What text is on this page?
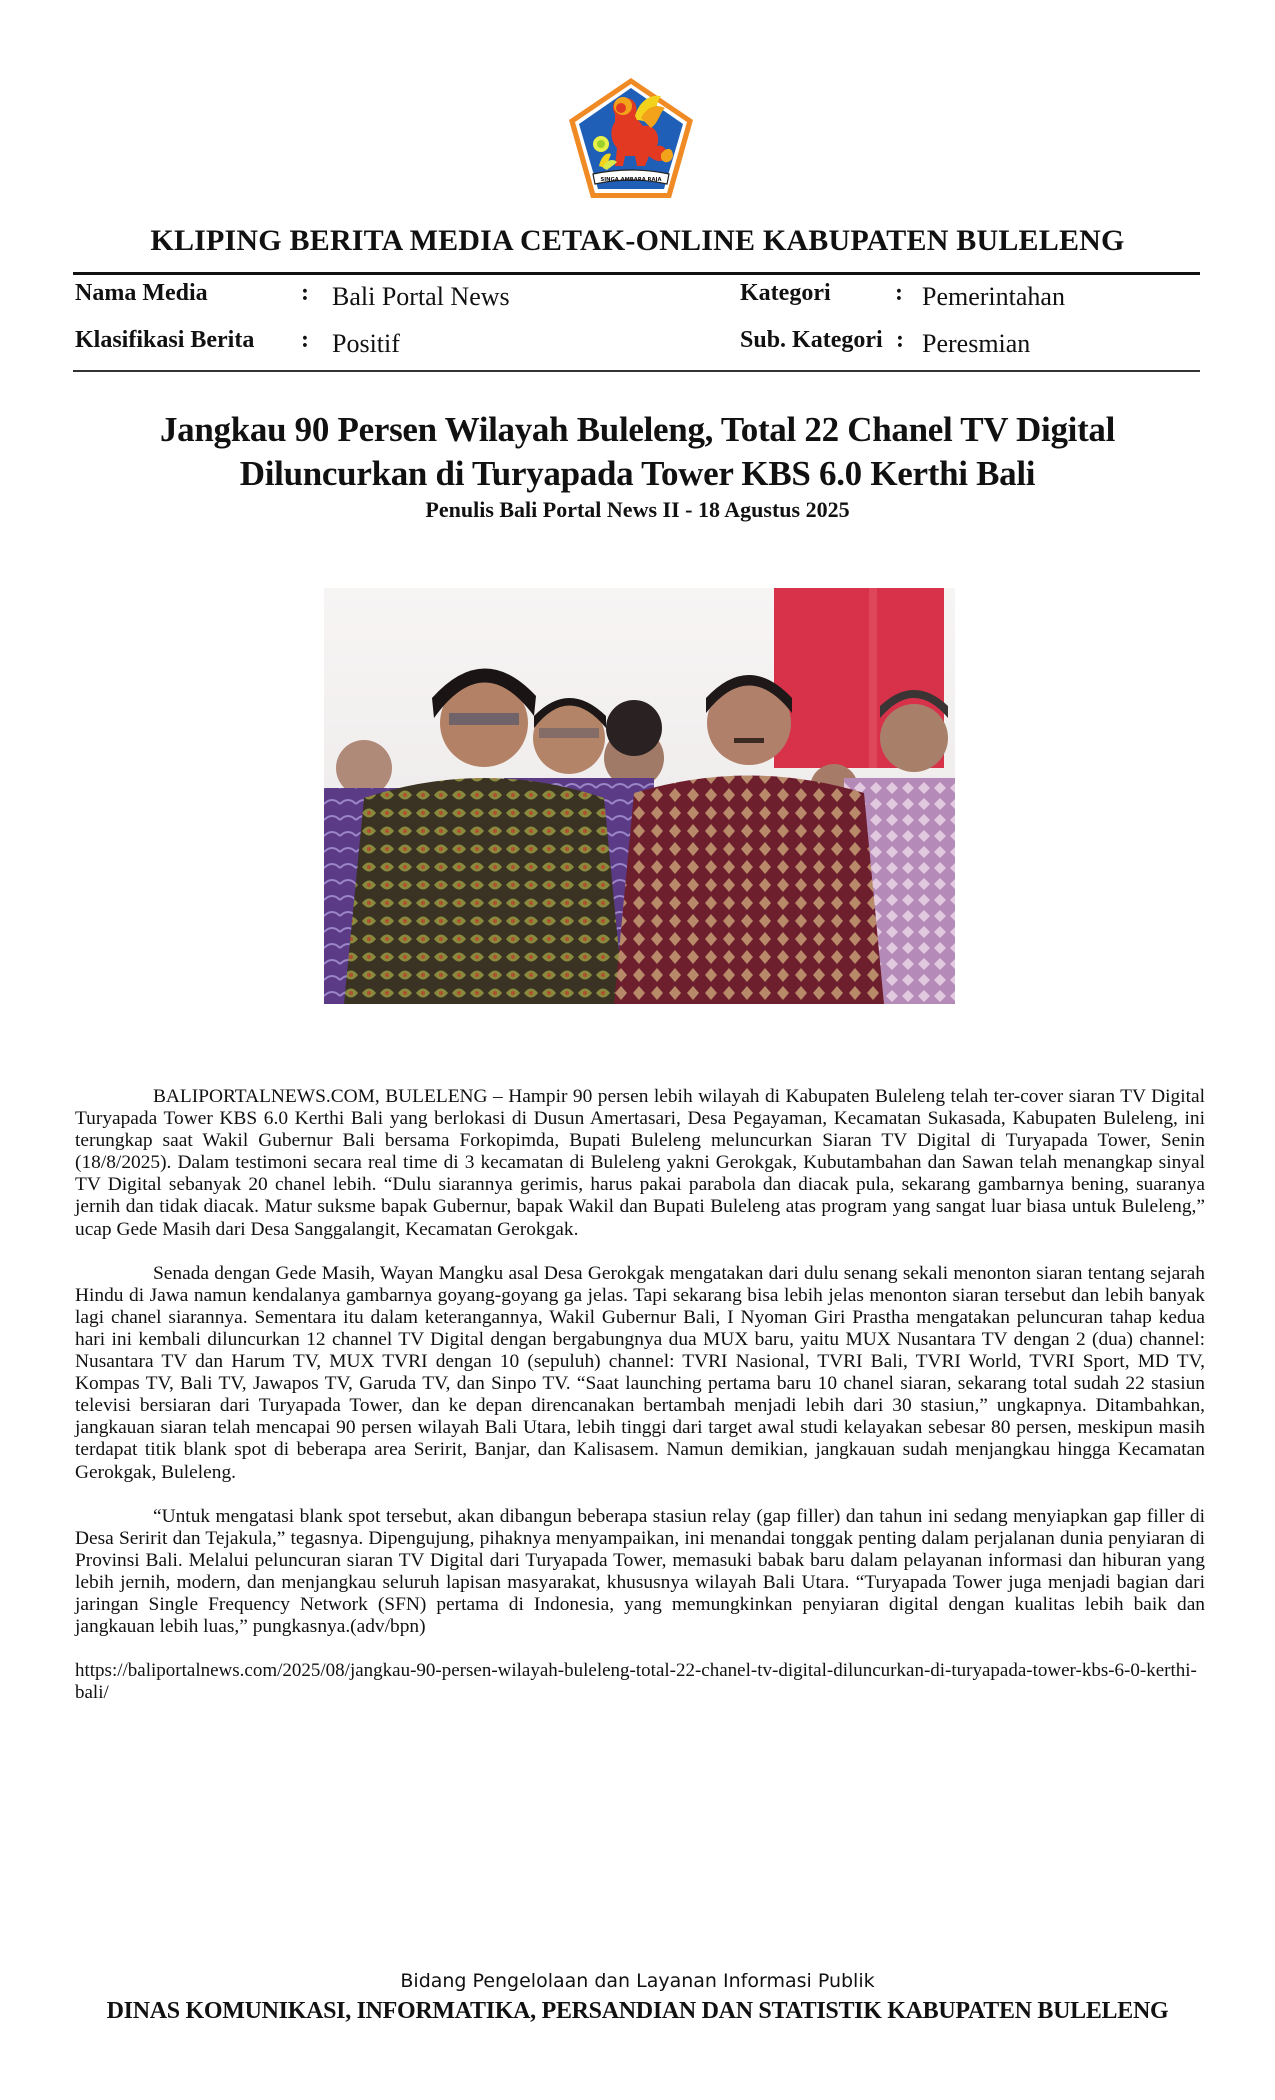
SINGA AMBARA RAJA
KLIPING BERITA MEDIA CETAK-ONLINE KABUPATEN BULELENG
Nama Media	: Bali Portal News
Klasifikasi Berita : Positif
Kategori	: Pemerintahan
Sub. Kategori : Peresmian
Jangkau 90 Persen Wilayah Buleleng, Total 22 Chanel TV Digital
Diluncurkan di Turyapada Tower KBS 6.0 Kerthi Bali
Penulis Bali Portal News II - 18 Agustus 2025

BALIPORTALNEWS.COM, BULELENG – Hampir 90 persen lebih wilayah di Kabupaten Buleleng telah ter-cover siaran TV Digital Turyapada Tower KBS 6.0 Kerthi Bali yang berlokasi di Dusun Amertasari, Desa Pegayaman, Kecamatan Sukasada, Kabupaten Buleleng, ini terungkap saat Wakil Gubernur Bali bersama Forkopimda, Bupati Buleleng meluncurkan Siaran TV Digital di Turyapada Tower, Senin (18/8/2025). Dalam testimoni secara real time di 3 kecamatan di Buleleng yakni Gerokgak, Kubutambahan dan Sawan telah menangkap sinyal TV Digital sebanyak 20 chanel lebih. “Dulu siarannya gerimis, harus pakai parabola dan diacak pula, sekarang gambarnya bening, suaranya jernih dan tidak diacak. Matur suksme bapak Gubernur, bapak Wakil dan Bupati Buleleng atas program yang sangat luar biasa untuk Buleleng,” ucap Gede Masih dari Desa Sanggalangit, Kecamatan Gerokgak.

Senada dengan Gede Masih, Wayan Mangku asal Desa Gerokgak mengatakan dari dulu senang sekali menonton siaran tentang sejarah Hindu di Jawa namun kendalanya gambarnya goyang-goyang ga jelas. Tapi sekarang bisa lebih jelas menonton siaran tersebut dan lebih banyak lagi chanel siarannya. Sementara itu dalam keterangannya, Wakil Gubernur Bali, I Nyoman Giri Prastha mengatakan peluncuran tahap kedua hari ini kembali diluncurkan 12 channel TV Digital dengan bergabungnya dua MUX baru, yaitu MUX Nusantara TV dengan 2 (dua) channel: Nusantara TV dan Harum TV, MUX TVRI dengan 10 (sepuluh) channel: TVRI Nasional, TVRI Bali, TVRI World, TVRI Sport, MD TV, Kompas TV, Bali TV, Jawapos TV, Garuda TV, dan Sinpo TV. “Saat launching pertama baru 10 chanel siaran, sekarang total sudah 22 stasiun televisi bersiaran dari Turyapada Tower, dan ke depan direncanakan bertambah menjadi lebih dari 30 stasiun,” ungkapnya. Ditambahkan, jangkauan siaran telah mencapai 90 persen wilayah Bali Utara, lebih tinggi dari target awal studi kelayakan sebesar 80 persen, meskipun masih terdapat titik blank spot di beberapa area Seririt, Banjar, dan Kalisasem. Namun demikian, jangkauan sudah menjangkau hingga Kecamatan Gerokgak, Buleleng.

“Untuk mengatasi blank spot tersebut, akan dibangun beberapa stasiun relay (gap filler) dan tahun ini sedang menyiapkan gap filler di Desa Seririt dan Tejakula,” tegasnya. Dipengujung, pihaknya menyampaikan, ini menandai tonggak penting dalam perjalanan dunia penyiaran di Provinsi Bali. Melalui peluncuran siaran TV Digital dari Turyapada Tower, memasuki babak baru dalam pelayanan informasi dan hiburan yang lebih jernih, modern, dan menjangkau seluruh lapisan masyarakat, khususnya wilayah Bali Utara. “Turyapada Tower juga menjadi bagian dari jaringan Single Frequency Network (SFN) pertama di Indonesia, yang memungkinkan penyiaran digital dengan kualitas lebih baik dan jangkauan lebih luas,” pungkasnya.(adv/bpn)

https://baliportalnews.com/2025/08/jangkau-90-persen-wilayah-buleleng-total-22-chanel-tv-digital-diluncurkan-di-turyapada-tower-kbs-6-0-kerthi-bali/

Bidang Pengelolaan dan Layanan Informasi Publik
DINAS KOMUNIKASI, INFORMATIKA, PERSANDIAN DAN STATISTIK KABUPATEN BULELENG
